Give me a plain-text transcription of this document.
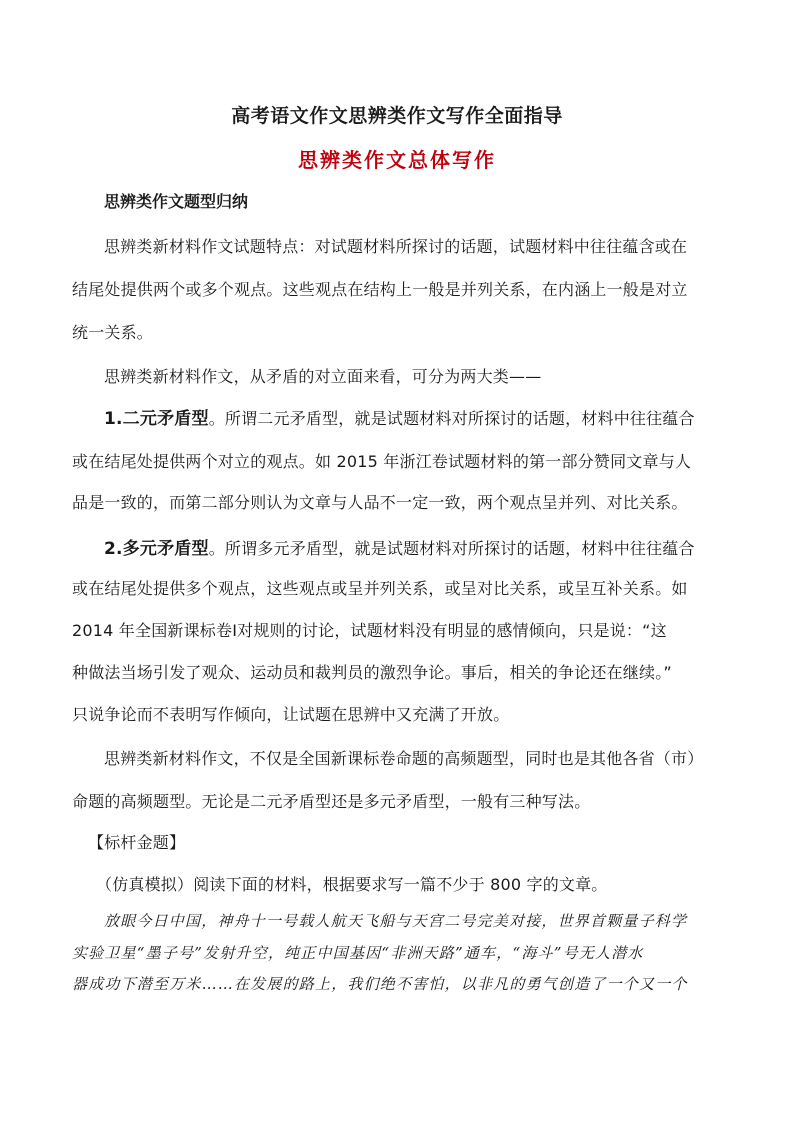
高考语文作文思辨类作文写作全面指导
思辨类作文总体写作
思辨类作文题型归纳
思辨类新材料作文试题特点：对试题材料所探讨的话题，试题材料中往往蕴含或在
结尾处提供两个或多个观点。这些观点在结构上一般是并列关系，在内涵上一般是对立
统一关系。
思辨类新材料作文，从矛盾的对立面来看，可分为两大类——
1.二元矛盾型。所谓二元矛盾型，就是试题材料对所探讨的话题，材料中往往蕴合
或在结尾处提供两个对立的观点。如 2015 年浙江卷试题材料的第一部分赞同文章与人
品是一致的，而第二部分则认为文章与人品不一定一致，两个观点呈并列、对比关系。
2.多元矛盾型。所谓多元矛盾型，就是试题材料对所探讨的话题，材料中往往蕴合
或在结尾处提供多个观点，这些观点或呈并列关系，或呈对比关系，或呈互补关系。如
2014 年全国新课标卷Ⅰ对规则的讨论，试题材料没有明显的感情倾向，只是说：“这
种做法当场引发了观众、运动员和裁判员的激烈争论。事后，相关的争论还在继续。”
只说争论而不表明写作倾向，让试题在思辨中又充满了开放。
思辨类新材料作文，不仅是全国新课标卷命题的高频题型，同时也是其他各省（市）
命题的高频题型。无论是二元矛盾型还是多元矛盾型，一般有三种写法。
【标杆金题】
（仿真模拟）阅读下面的材料，根据要求写一篇不少于 800 字的文章。
放眼今日中国，神舟十一号载人航天飞船与天宫二号完美对接，世界首颗量子科学
实验卫星“墨子号”发射升空，纯正中国基因“非洲天路”通车，“海斗”号无人潜水
器成功下潜至万米……在发展的路上，我们绝不害怕，以非凡的勇气创造了一个又一个
